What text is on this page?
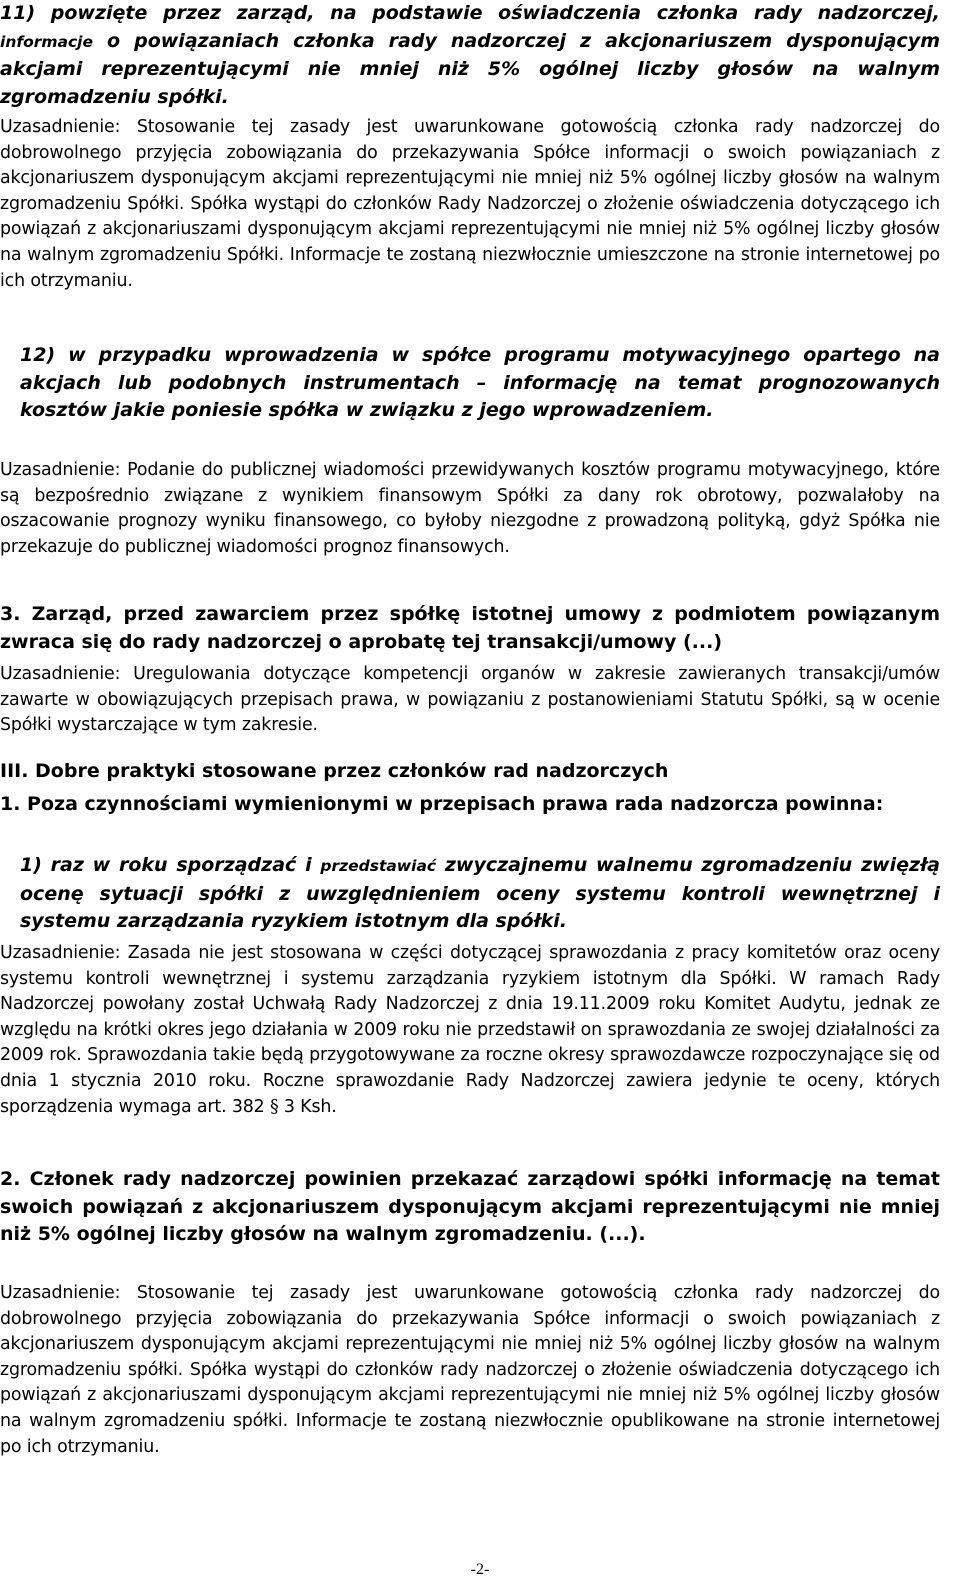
11) powzięte przez zarząd, na podstawie oświadczenia członka rady nadzorczej, informacje o powiązaniach członka rady nadzorczej z akcjonariuszem dysponującym akcjami reprezentującymi nie mniej niż 5% ogólnej liczby głosów na walnym zgromadzeniu spółki.

Uzasadnienie: Stosowanie tej zasady jest uwarunkowane gotowością członka rady nadzorczej do dobrowolnego przyjęcia zobowiązania do przekazywania Spółce informacji o swoich powiązaniach z akcjonariuszem dysponującym akcjami reprezentującymi nie mniej niż 5% ogólnej liczby głosów na walnym zgromadzeniu Spółki. Spółka wystąpi do członków Rady Nadzorczej o złożenie oświadczenia dotyczącego ich powiązań z akcjonariuszami dysponującym akcjami reprezentującymi nie mniej niż 5% ogólnej liczby głosów na walnym zgromadzeniu Spółki. Informacje te zostaną niezwłocznie umieszczone na stronie internetowej po ich otrzymaniu.

12) w przypadku wprowadzenia w spółce programu motywacyjnego opartego na akcjach lub podobnych instrumentach – informację na temat prognozowanych kosztów jakie poniesie spółka w związku z jego wprowadzeniem.

Uzasadnienie: Podanie do publicznej wiadomości przewidywanych kosztów programu motywacyjnego, które są bezpośrednio związane z wynikiem finansowym Spółki za dany rok obrotowy, pozwalałoby na oszacowanie prognozy wyniku finansowego, co byłoby niezgodne z prowadzoną polityką, gdyż Spółka nie przekazuje do publicznej wiadomości prognoz finansowych.

3. Zarząd, przed zawarciem przez spółkę istotnej umowy z podmiotem powiązanym zwraca się do rady nadzorczej o aprobatę tej transakcji/umowy (...)

Uzasadnienie: Uregulowania dotyczące kompetencji organów w zakresie zawieranych transakcji/umów zawarte w obowiązujących przepisach prawa, w powiązaniu z postanowieniami Statutu Spółki, są w ocenie Spółki wystarczające w tym zakresie.

III. Dobre praktyki stosowane przez członków rad nadzorczych

1. Poza czynnościami wymienionymi w przepisach prawa rada nadzorcza powinna:

1) raz w roku sporządzać i przedstawiać zwyczajnemu walnemu zgromadzeniu zwięzłą ocenę sytuacji spółki z uwzględnieniem oceny systemu kontroli wewnętrznej i systemu zarządzania ryzykiem istotnym dla spółki.

Uzasadnienie: Zasada nie jest stosowana w części dotyczącej sprawozdania z pracy komitetów oraz oceny systemu kontroli wewnętrznej i systemu zarządzania ryzykiem istotnym dla Spółki. W ramach Rady Nadzorczej powołany został Uchwałą Rady Nadzorczej z dnia 19.11.2009 roku Komitet Audytu, jednak ze względu na krótki okres jego działania w 2009 roku nie przedstawił on sprawozdania ze swojej działalności za 2009 rok. Sprawozdania takie będą przygotowywane za roczne okresy sprawozdawcze rozpoczynające się od dnia 1 stycznia 2010 roku. Roczne sprawozdanie Rady Nadzorczej zawiera jedynie te oceny, których sporządzenia wymaga art. 382 § 3 Ksh.

2. Członek rady nadzorczej powinien przekazać zarządowi spółki informację na temat swoich powiązań z akcjonariuszem dysponującym akcjami reprezentującymi nie mniej niż 5% ogólnej liczby głosów na walnym zgromadzeniu. (...).

Uzasadnienie: Stosowanie tej zasady jest uwarunkowane gotowością członka rady nadzorczej do dobrowolnego przyjęcia zobowiązania do przekazywania Spółce informacji o swoich powiązaniach z akcjonariuszem dysponującym akcjami reprezentującymi nie mniej niż 5% ogólnej liczby głosów na walnym zgromadzeniu spółki. Spółka wystąpi do członków rady nadzorczej o złożenie oświadczenia dotyczącego ich powiązań z akcjonariuszami dysponującym akcjami reprezentującymi nie mniej niż 5% ogólnej liczby głosów na walnym zgromadzeniu spółki. Informacje te zostaną niezwłocznie opublikowane na stronie internetowej po ich otrzymaniu.

-2-
